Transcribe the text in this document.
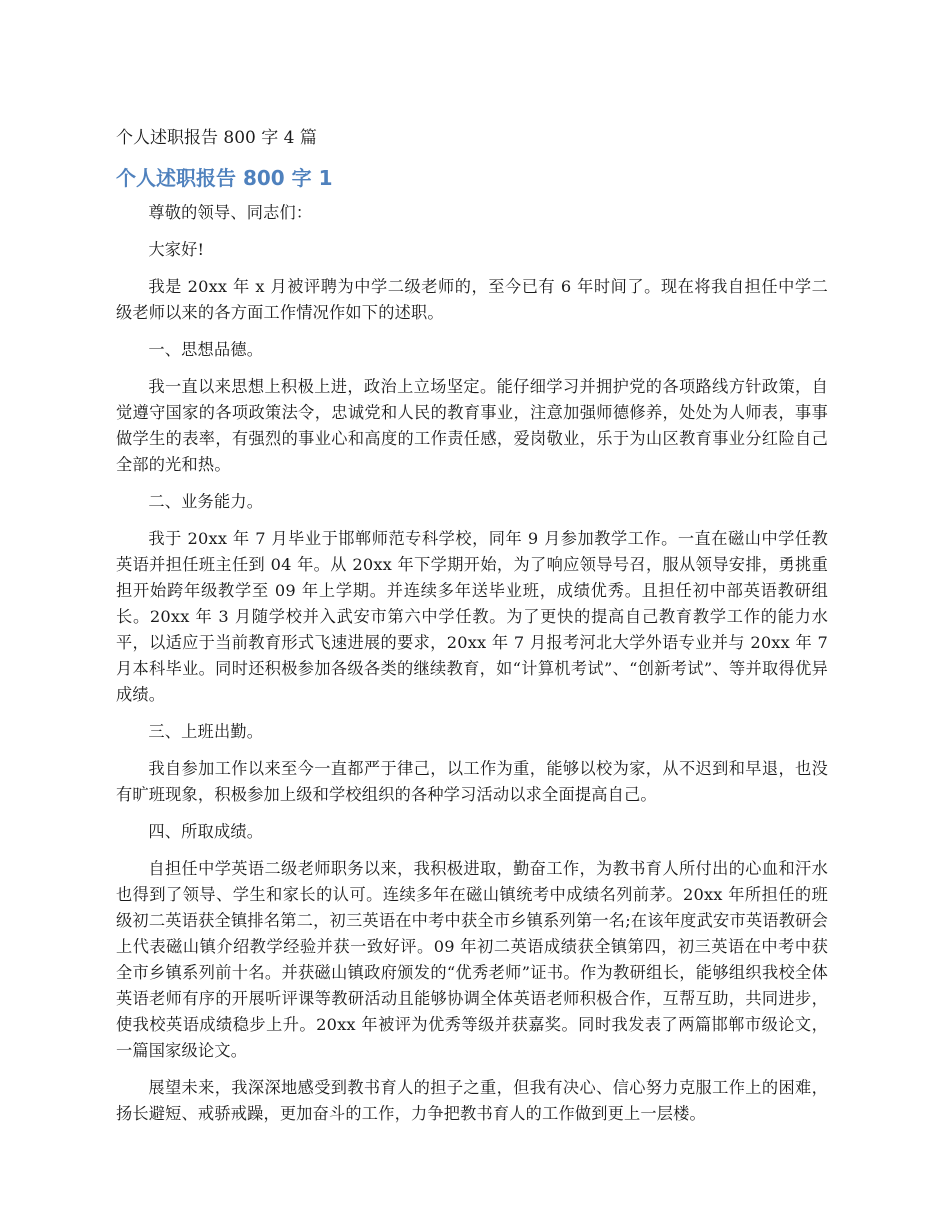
个人述职报告 800 字 4 篇
个人述职报告 800 字 1

尊敬的领导、同志们：

大家好!

我是 20xx 年 x 月被评聘为中学二级老师的，至今已有 6 年时间了。现在将我自担任中学二级老师以来的各方面工作情况作如下的述职。

一、思想品德。

我一直以来思想上积极上进，政治上立场坚定。能仔细学习并拥护党的各项路线方针政策，自觉遵守国家的各项政策法令，忠诚党和人民的教育事业，注意加强师德修养，处处为人师表，事事做学生的表率，有强烈的事业心和高度的工作责任感，爱岗敬业，乐于为山区教育事业分红险自己全部的光和热。

二、业务能力。

我于 20xx 年 7 月毕业于邯郸师范专科学校，同年 9 月参加教学工作。一直在磁山中学任教英语并担任班主任到 04 年。从 20xx 年下学期开始，为了响应领导号召，服从领导安排，勇挑重担开始跨年级教学至 09 年上学期。并连续多年送毕业班，成绩优秀。且担任初中部英语教研组长。20xx 年 3 月随学校并入武安市第六中学任教。为了更快的提高自己教育教学工作的能力水平，以适应于当前教育形式飞速进展的要求，20xx 年 7 月报考河北大学外语专业并与 20xx 年 7 月本科毕业。同时还积极参加各级各类的继续教育，如“计算机考试”、“创新考试”、等并取得优异成绩。

三、上班出勤。

我自参加工作以来至今一直都严于律己，以工作为重，能够以校为家，从不迟到和早退，也没有旷班现象，积极参加上级和学校组织的各种学习活动以求全面提高自己。

四、所取成绩。

自担任中学英语二级老师职务以来，我积极进取，勤奋工作，为教书育人所付出的心血和汗水也得到了领导、学生和家长的认可。连续多年在磁山镇统考中成绩名列前茅。20xx 年所担任的班级初二英语获全镇排名第二，初三英语在中考中获全市乡镇系列第一名;在该年度武安市英语教研会上代表磁山镇介绍教学经验并获一致好评。09 年初二英语成绩获全镇第四，初三英语在中考中获全市乡镇系列前十名。并获磁山镇政府颁发的“优秀老师”证书。作为教研组长，能够组织我校全体英语老师有序的开展听评课等教研活动且能够协调全体英语老师积极合作，互帮互助，共同进步，使我校英语成绩稳步上升。20xx 年被评为优秀等级并获嘉奖。同时我发表了两篇邯郸市级论文，一篇国家级论文。

展望未来，我深深地感受到教书育人的担子之重，但我有决心、信心努力克服工作上的困难，扬长避短、戒骄戒躁，更加奋斗的工作，力争把教书育人的工作做到更上一层楼。
